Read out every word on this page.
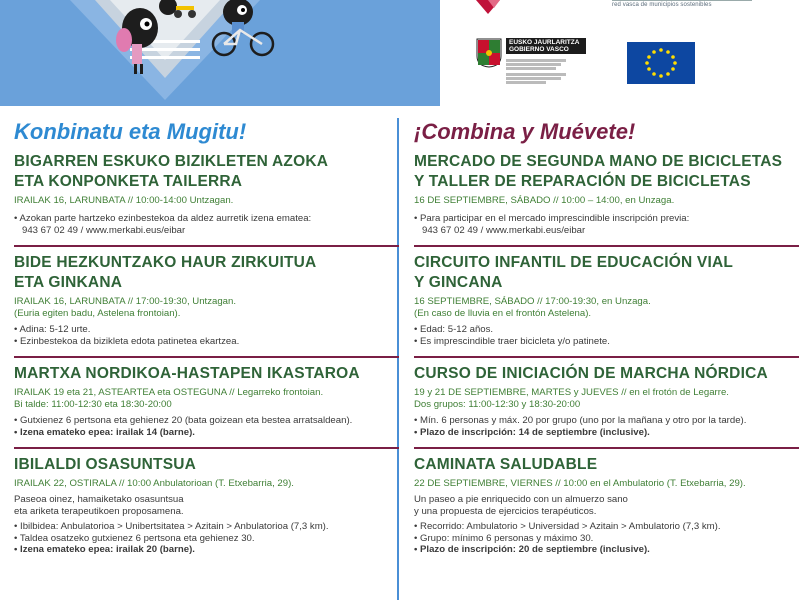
red vasca de municipios sostenibles
EUSKO JAURLARITZA
GOBIERNO VASCO
Konbinatu eta Mugitu!
BIGARREN ESKUKO BIZIKLETEN AZOKA
ETA KONPONKETA TAILERRA
IRAILAK 16, LARUNBATA // 10:00-14:00 Untzagan.
• Azokan parte hartzeko ezinbestekoa da aldez aurretik izena ematea:
943 67 02 49 / www.merkabi.eus/eibar
BIDE HEZKUNTZAKO HAUR ZIRKUITUA
ETA GINKANA
IRAILAK 16, LARUNBATA // 17:00-19:30, Untzagan.
(Euria egiten badu, Astelena frontoian).
• Adina: 5-12 urte.
• Ezinbestekoa da bizikleta edota patinetea ekartzea.
MARTXA NORDIKOA-HASTAPEN IKASTAROA
IRAILAK 19 eta 21, ASTEARTEA eta OSTEGUNA // Legarreko frontoian.
Bi talde: 11:00-12:30 eta 18:30-20:00
• Gutxienez 6 pertsona eta gehienez 20 (bata goizean eta bestea arratsaldean).
• Izena emateko epea: irailak 14 (barne).
IBILALDI OSASUNTSUA
IRAILAK 22, OSTIRALA // 10:00 Anbulatorioan (T. Etxebarria, 29).
Paseoa oinez, hamaiketako osasuntsua
eta ariketa terapeutikoen proposamena.
• Ibilbidea: Anbulatorioa > Unibertsitatea > Azitain > Anbulatorioa (7,3 km).
• Taldea osatzeko gutxienez 6 pertsona eta gehienez 30.
• Izena emateko epea: irailak 20 (barne).
¡Combina y Muévete!
MERCADO DE SEGUNDA MANO DE BICICLETAS
Y TALLER DE REPARACIÓN DE BICICLETAS
16 DE SEPTIEMBRE, SÁBADO // 10:00 – 14:00, en Unzaga.
• Para participar en el mercado imprescindible inscripción previa:
943 67 02 49 / www.merkabi.eus/eibar
CIRCUITO INFANTIL DE EDUCACIÓN VIAL
Y GINCANA
16 SEPTIEMBRE, SÁBADO // 17:00-19:30, en Unzaga.
(En caso de lluvia en el frontón Astelena).
• Edad: 5-12 años.
• Es imprescindible traer bicicleta y/o patinete.
CURSO DE INICIACIÓN DE MARCHA NÓRDICA
19 y 21 DE SEPTIEMBRE, MARTES y JUEVES // en el frotón de Legarre.
Dos grupos: 11:00-12:30 y 18:30-20:00
• Mín. 6 personas y máx. 20 por grupo (uno por la mañana y otro por la tarde).
• Plazo de inscripción: 14 de septiembre (inclusive).
CAMINATA SALUDABLE
22 DE SEPTIEMBRE, VIERNES // 10:00 en el Ambulatorio (T. Etxebarria, 29).
Un paseo a pie enriquecido con un almuerzo sano
y una propuesta de ejercicios terapéuticos.
• Recorrido: Ambulatorio > Universidad > Azitain > Ambulatorio (7,3 km).
• Grupo: mínimo 6 personas y máximo 30.
• Plazo de inscripción: 20 de septiembre (inclusive).
